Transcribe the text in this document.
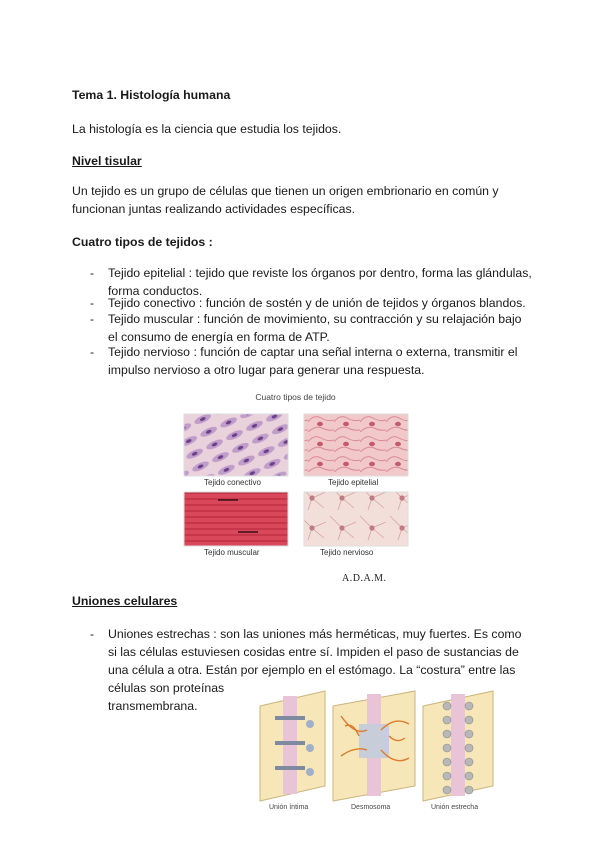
Tema 1. Histología humana
La histología es la ciencia que estudia los tejidos.
Nivel tisular
Un tejido es un grupo de células que tienen un origen embrionario en común y
funcionan juntas realizando actividades específicas.
Cuatro tipos de tejidos :
- Tejido epitelial : tejido que reviste los órganos por dentro, forma las glándulas,
forma conductos.
- Tejido conectivo : función de sostén y de unión de tejidos y órganos blandos.
- Tejido muscular : función de movimiento, su contracción y su relajación bajo
el consumo de energía en forma de ATP.
- Tejido nervioso : función de captar una señal interna o externa, transmitir el
impulso nervioso a otro lugar para generar una respuesta.
Cuatro tipos de tejido
Tejido conectivo	Tejido epitelial
Tejido muscular	Tejido nervioso
A.D.A.M.
Uniones celulares
- Uniones estrechas : son las uniones más herméticas, muy fuertes. Es como
si las células estuviesen cosidas entre sí. Impiden el paso de sustancias de
una célula a otra. Están por ejemplo en el estómago. La “costura” entre las
células son proteínas
transmembrana.
Unión íntima	Desmosoma	Unión estrecha
